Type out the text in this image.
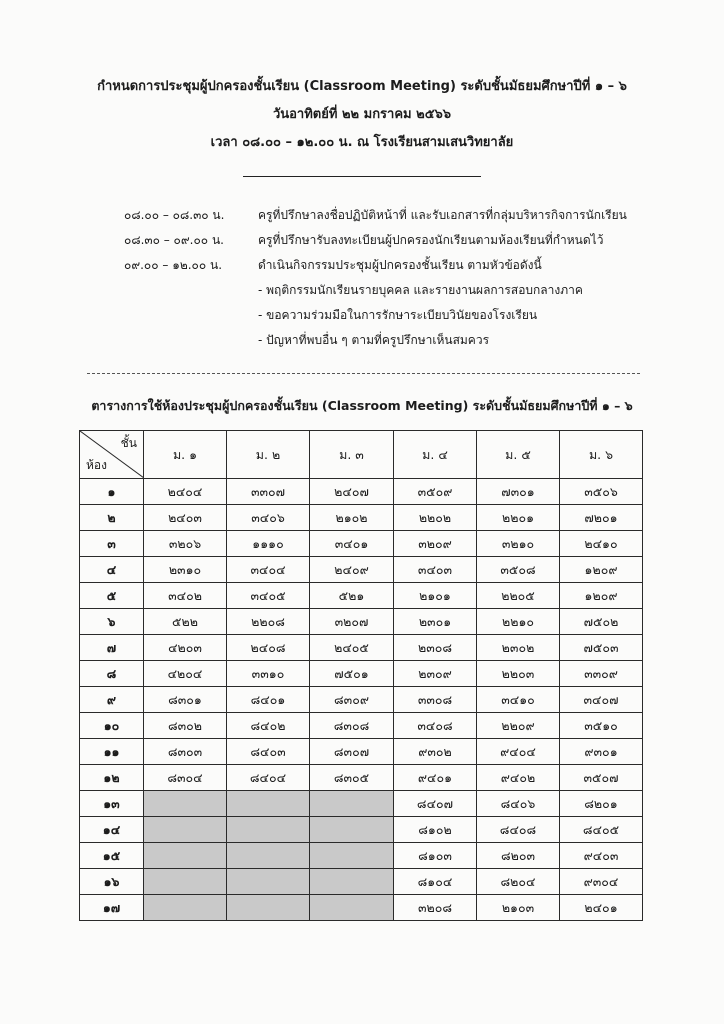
กำหนดการประชุมผู้ปกครองชั้นเรียน (Classroom Meeting) ระดับชั้นมัธยมศึกษาปีที่ ๑ – ๖
วันอาทิตย์ที่ ๒๒ มกราคม ๒๕๖๖
เวลา ๐๘.๐๐ – ๑๒.๐๐ น. ณ โรงเรียนสามเสนวิทยาลัย
๐๘.๐๐ – ๐๘.๓๐ น.	ครูที่ปรึกษาลงชื่อปฏิบัติหน้าที่ และรับเอกสารที่กลุ่มบริหารกิจการนักเรียน
๐๘.๓๐ – ๐๙.๐๐ น.	ครูที่ปรึกษารับลงทะเบียนผู้ปกครองนักเรียนตามห้องเรียนที่กำหนดไว้
๐๙.๐๐ – ๑๒.๐๐ น.	ดำเนินกิจกรรมประชุมผู้ปกครองชั้นเรียน ตามหัวข้อดังนี้
- พฤติกรรมนักเรียนรายบุคคล และรายงานผลการสอบกลางภาค
- ขอความร่วมมือในการรักษาระเบียบวินัยของโรงเรียน
- ปัญหาที่พบอื่น ๆ ตามที่ครูปรึกษาเห็นสมควร
ตารางการใช้ห้องประชุมผู้ปกครองชั้นเรียน (Classroom Meeting) ระดับชั้นมัธยมศึกษาปีที่ ๑ – ๖
ชั้น
ห้อง	ม. ๑	ม. ๒	ม. ๓	ม. ๔	ม. ๕	ม. ๖
๑	๒๔๐๔	๓๓๐๗	๒๔๐๗	๓๕๐๙	๗๓๐๑	๓๕๐๖
๒	๒๔๐๓	๓๔๐๖	๒๑๐๒	๒๒๐๒	๒๒๐๑	๗๒๐๑
๓	๓๒๐๖	๑๑๑๐	๓๔๐๑	๓๒๐๙	๓๒๑๐	๒๔๑๐
๔	๒๓๑๐	๓๔๐๔	๒๔๐๙	๓๔๐๓	๓๕๐๘	๑๒๐๙
๕	๓๔๐๒	๓๔๐๕	๕๒๑	๒๑๐๑	๒๒๐๕	๑๒๐๙
๖	๕๒๒	๒๒๐๘	๓๒๐๗	๒๓๐๑	๒๒๑๐	๗๕๐๒
๗	๔๒๐๓	๒๔๐๘	๒๔๐๕	๒๓๐๘	๒๓๐๒	๗๕๐๓
๘	๔๒๐๔	๓๓๑๐	๗๕๐๑	๒๓๐๙	๒๒๐๓	๓๓๐๙
๙	๘๓๐๑	๘๔๐๑	๘๓๐๙	๓๓๐๘	๓๔๑๐	๓๔๐๗
๑๐	๘๓๐๒	๘๔๐๒	๘๓๐๘	๓๔๐๘	๒๒๐๙	๓๕๑๐
๑๑	๘๓๐๓	๘๔๐๓	๘๓๐๗	๙๓๐๒	๙๔๐๔	๙๓๐๑
๑๒	๘๓๐๔	๘๔๐๔	๘๓๐๕	๙๔๐๑	๙๔๐๒	๓๕๐๗
๑๓				๘๔๐๗	๘๔๐๖	๘๒๐๑
๑๔				๘๑๐๒	๘๔๐๘	๘๔๐๕
๑๕				๘๑๐๓	๘๒๐๓	๙๔๐๓
๑๖				๘๑๐๔	๘๒๐๔	๙๓๐๔
๑๗				๓๒๐๘	๒๑๐๓	๒๔๐๑
